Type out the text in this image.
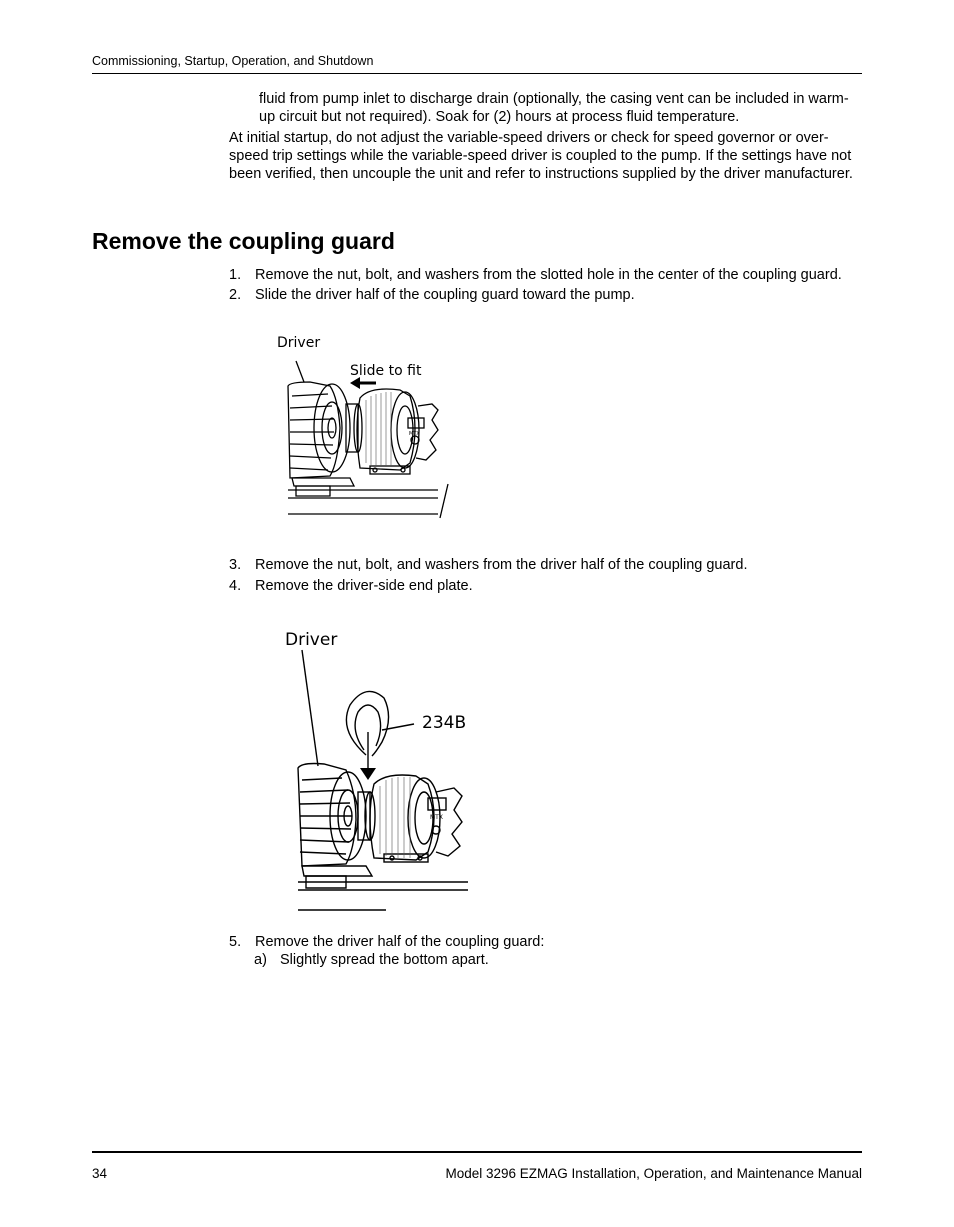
Commissioning, Startup, Operation, and Shutdown
fluid from pump inlet to discharge drain (optionally, the casing vent can be included in warm-up circuit but not required). Soak for (2) hours at process fluid temperature.
At initial startup, do not adjust the variable-speed drivers or check for speed governor or over-speed trip settings while the variable-speed driver is coupled to the pump. If the settings have not been verified, then uncouple the unit and refer to instructions supplied by the driver manufacturer.
Remove the coupling guard
1. Remove the nut, bolt, and washers from the slotted hole in the center of the coupling guard.
2. Slide the driver half of the coupling guard toward the pump.
Driver
Slide to fit
MTX
3. Remove the nut, bolt, and washers from the driver half of the coupling guard.
4. Remove the driver-side end plate.
Driver
234B
MTX
5. Remove the driver half of the coupling guard:
a) Slightly spread the bottom apart.
34	Model 3296 EZMAG Installation, Operation, and Maintenance Manual
